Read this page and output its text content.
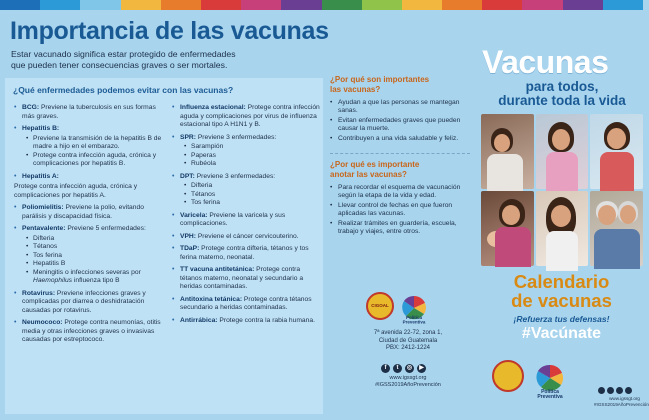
Importancia de las vacunas
Estar vacunado significa estar protegido de enfermedades
que pueden tener consecuencias graves o ser mortales.
¿Qué enfermedades podemos evitar con las vacunas?
• BCG: Previene la tuberculosis en sus formas más graves.
• Hepatitis B:
• Previene la transmisión de la hepatitis B de madre a hijo en el embarazo.
• Protege contra infección aguda, crónica y complicaciones por hepatitis B.
• Hepatitis A:
Protege contra infección aguda, crónica y complicaciones por hepatitis A.
• Poliomielitis: Previene la polio, evitando parálisis y discapacidad física.
• Pentavalente: Previene 5 enfermedades:
• Difteria
• Tétanos
• Tos ferina
• Hepatitis B
• Meningitis o infecciones severas por Haemophilus influenza tipo B
• Rotavirus: Previene infecciones graves y complicadas por diarrea o deshidratación causadas por rotavirus.
• Neumococo: Protege contra neumonías, otitis media y otras infecciones graves o invasivas causadas por estreptococo.
• Influenza estacional: Protege contra infección aguda y complicaciones por virus de influenza estacional tipo A H1N1 y B.
• SPR: Previene 3 enfermedades:
• Sarampión
• Paperas
• Rubéola
• DPT: Previene 3 enfermedades:
• Difteria
• Tétanos
• Tos ferina
• Varicela: Previene la varicela y sus complicaciones.
• VPH: Previene el cáncer cervicouterino.
• TDaP: Protege contra difteria, tétanos y tos ferina materno, neonatal.
• TT vacuna antitetánica: Protege contra tétanos materno, neonatal y secundario a heridas contaminadas.
• Antitoxina tetánica: Protege contra tétanos secundario a heridas contaminadas.
• Antirrábica: Protege contra la rabia humana.
¿Por qué son importantes
las vacunas?
• Ayudan a que las personas se mantegan sanas.
• Evitan enfermedades graves que pueden causar la muerte.
• Contribuyen a una vida saludable y feliz.
¿Por qué es importante
anotar las vacunas?
• Para recordar el esquema de vacunación según la etapa de la vida y edad.
• Llevar control de fechas en que fueron aplicadas las vacunas.
• Realizar trámites en guardería, escuela, trabajo y viajes, entre otros.
CIGOAL
Política
Preventiva
7ª avenida 22-72, zona 1,
Ciudad de Guatemala
PBX: 2412-1224
f	t	◎	▶
www.igssgt.org
#IGSS2019AñoPrevención
Vacunas
para todos,
durante toda la vida
Calendario
de vacunas
¡Refuerza tus defensas!
#Vacúnate
Política
Preventiva	www.igssgt.org
#IGSS2019AñoPrevención
